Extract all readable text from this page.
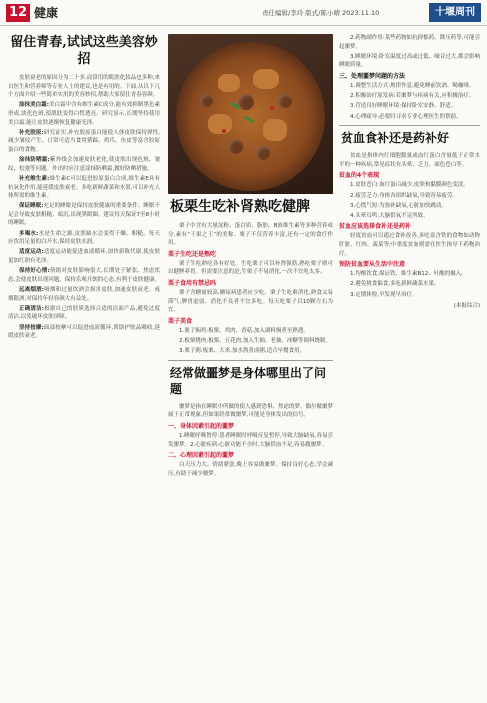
12 健康	责任编辑/李玲 版式/陈小晴 2023.11.10	十堰周刊
留住青春,试试这些美容妙招
皮肤衰老的原因分为二十多,而常用的肌肤化妆品也多种,来自医生和营养师等专业人士的建议,也是有用的。下面,从以下几个方面介绍一些简单实用的美容妙招,帮助大家留住青春容颜。
涂抹美白霜:美白霜中含有维生素C成分,能有效抑制黑色素形成,淡化色斑,使肌肤变得白皙透亮。研究显示,长期坚持使用美白霜,能让皮肤逐渐恢复健康光泽。
补充胶原:研究证实,补充胶原蛋白能使人体皮肤保持弹性,减少皱纹产生。日常可适当食用猪蹄、鸡爪、鱼皮等富含胶原蛋白的食物。
涂抹防晒霜:紫外线会加速皮肤老化,使皮肤出现色斑、皱纹、松弛等问题。外出时应注意涂抹防晒霜,做好防晒措施。
补充维生素:维生素C可以促进胶原蛋白合成,维生素E具有抗氧化作用,能延缓皮肤衰老。多吃新鲜蔬菜和水果,可以补充人体所需的维生素。
保证睡眠:充足的睡眠是保持皮肤健康的重要条件。睡眠不足会导致皮肤粗糙、暗沉,出现黑眼圈。建议每天保证7至8小时的睡眠。
多喝水:水是生命之源,皮肤缺水会变得干燥、粗糙。每天应饮用足量的白开水,保持皮肤水润。
适度运动:适度运动能促进血液循环,加快新陈代谢,使皮肤更加红润有光泽。
保持好心情:情绪对皮肤影响很大,长期处于紧张、焦虑状态,会使皮肤出现问题。保持乐观开朗的心态,有利于皮肤健康。
远离烟酒:吸烟和过量饮酒会损害皮肤,加速皮肤衰老。戒烟限酒,对保持年轻容颜大有益处。
正确清洁:根据自己的肤质选择合适的洁面产品,避免过度清洁,以免破坏皮肤屏障。
坚持按摩:面部按摩可以促进血液循环,帮助护肤品吸收,延缓皮肤衰老。
板栗生吃补肾熟吃健脾
栗子中含有大量淀粉、蛋白质、脂肪、B族维生素等多种营养成分,素有“干果之王”的美称。栗子不仅营养丰富,还有一定的食疗作用。
栗子生吃还是熟吃
栗子生吃熟吃各有好处。生吃栗子可以补肾强筋,熟吃栗子则可以健脾养胃。但需要注意的是,生栗子不易消化,一次不宜吃太多。
栗子食用有禁忌吗
栗子含糖量较高,糖尿病患者应少吃。栗子生吃难消化,熟食又易滞气,脾胃虚弱、消化不良者不宜多吃。每天吃栗子以10颗左右为宜。
栗子美食
1.栗子焖鸡:板栗、鸡肉、香菇,加入调料焖煮至熟透。
2.板栗烧肉:板栗、五花肉,加入生抽、老抽、冰糖等调料烧制。
3.栗子粥:板栗、大米,加水熬煮成粥,适合早餐食用。
经常做噩梦是身体哪里出了问题
噩梦是指在睡眠中所做的使人感到恐惧、焦虑的梦。偶尔做噩梦属于正常现象,但如果经常做噩梦,可能是身体发出的信号。
一、身体因素引起的噩梦
1.睡眠呼吸暂停:患者睡眠时呼吸反复暂停,导致大脑缺氧,容易引发噩梦。2.心脏疾病:心脏功能不全时,大脑供血不足,容易做噩梦。
二、心理因素引起的噩梦
白天压力大、情绪紧张,晚上容易做噩梦。保持良好心态,学会减压,有助于减少噩梦。
2.药物副作用:某些药物如抗抑郁药、降压药等,可能引起噩梦。
3.睡眠环境:卧室温度过高或过低、噪音过大,都会影响睡眠质量。
三、处理噩梦问题的方法
1.调整生活方式:规律作息,避免睡前饮酒、喝咖啡。
2.积极治疗原发病:若噩梦与疾病有关,应积极治疗。
3.营造良好睡眠环境:保持卧室安静、舒适。
4.心理疏导:必要时寻求专业心理医生的帮助。
贫血食补还是药补好
贫血是指体内红细胞数量或血红蛋白含量低于正常水平的一种疾病,常见症状有头晕、乏力、面色苍白等。
贫血的4个表现
1.皮肤苍白:血红蛋白减少,皮肤和黏膜颜色变淡。
2.疲劳乏力:身体各组织缺氧,导致容易疲劳。
3.心慌气短:为弥补缺氧,心脏加快跳动。
4.头晕耳鸣:大脑供氧不足所致。
贫血应该选择食补还是药补
轻度贫血可以通过食补改善,多吃富含铁的食物如动物肝脏、红肉、菠菜等;中重度贫血则需在医生指导下药物治疗。
预防贫血要从生活中注意
1.均衡饮食,保证铁、维生素B12、叶酸的摄入。
2.避免挑食偏食,多吃新鲜蔬菜水果。
3.定期体检,早发现早治疗。
(本报综合)
